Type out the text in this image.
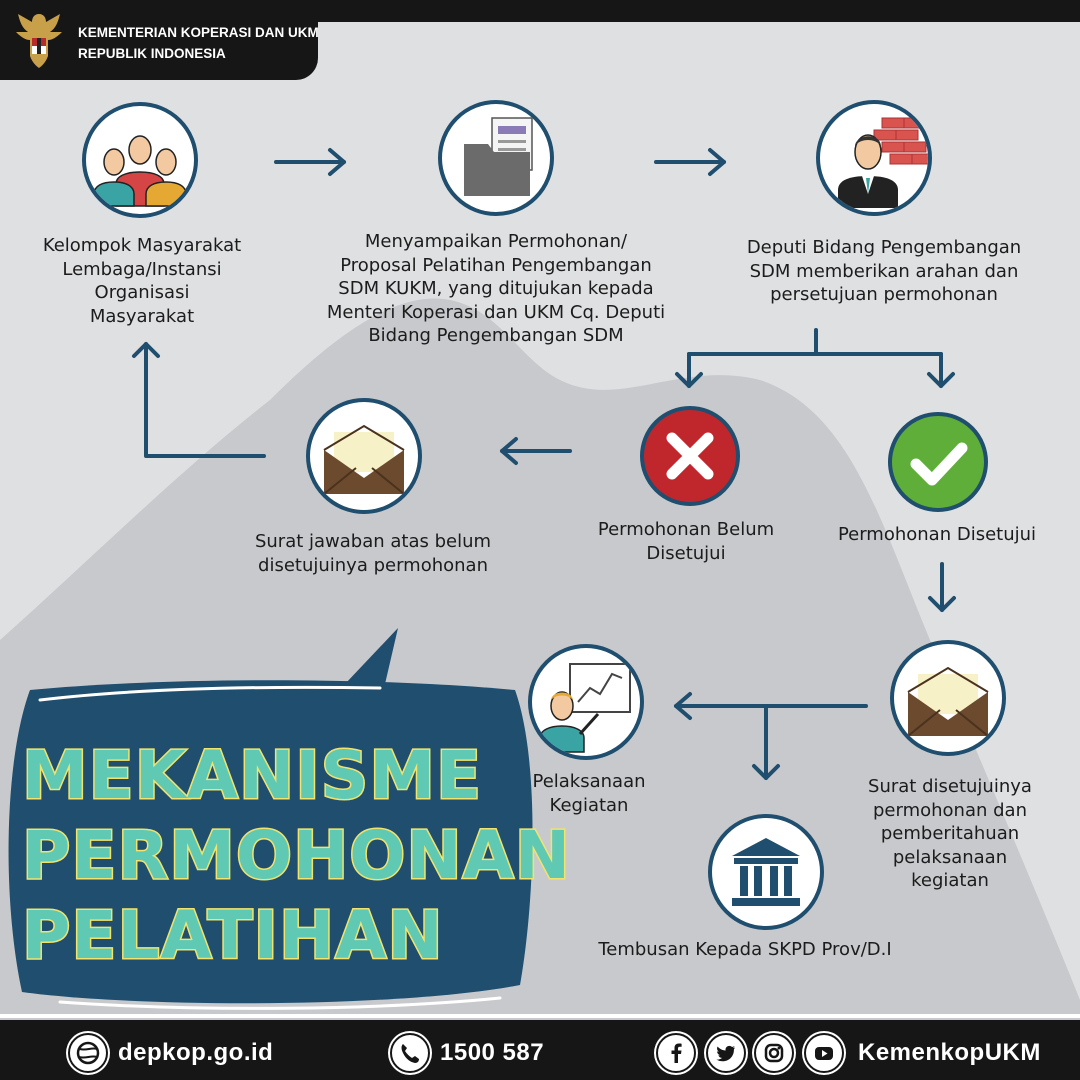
KEMENTERIAN KOPERASI DAN UKM
REPUBLIK INDONESIA
Kelompok Masyarakat
Lembaga/Instansi
Organisasi Masyarakat
Menyampaikan Permohonan/
Proposal Pelatihan Pengembangan
SDM KUKM, yang ditujukan kepada
Menteri Koperasi dan UKM Cq. Deputi
Bidang Pengembangan SDM
Deputi Bidang Pengembangan
SDM memberikan arahan dan
persetujuan permohonan
Permohonan Belum
Disetujui
Permohonan Disetujui
Surat jawaban atas belum
disetujuinya permohonan
Surat disetujuinya
permohonan dan
pemberitahuan
pelaksanaan
kegiatan
Pelaksanaan
Kegiatan
Tembusan Kepada SKPD Prov/D.I
MEKANISME
PERMOHONAN
PELATIHAN
depkop.go.id	1500 587	KemenkopUKM
